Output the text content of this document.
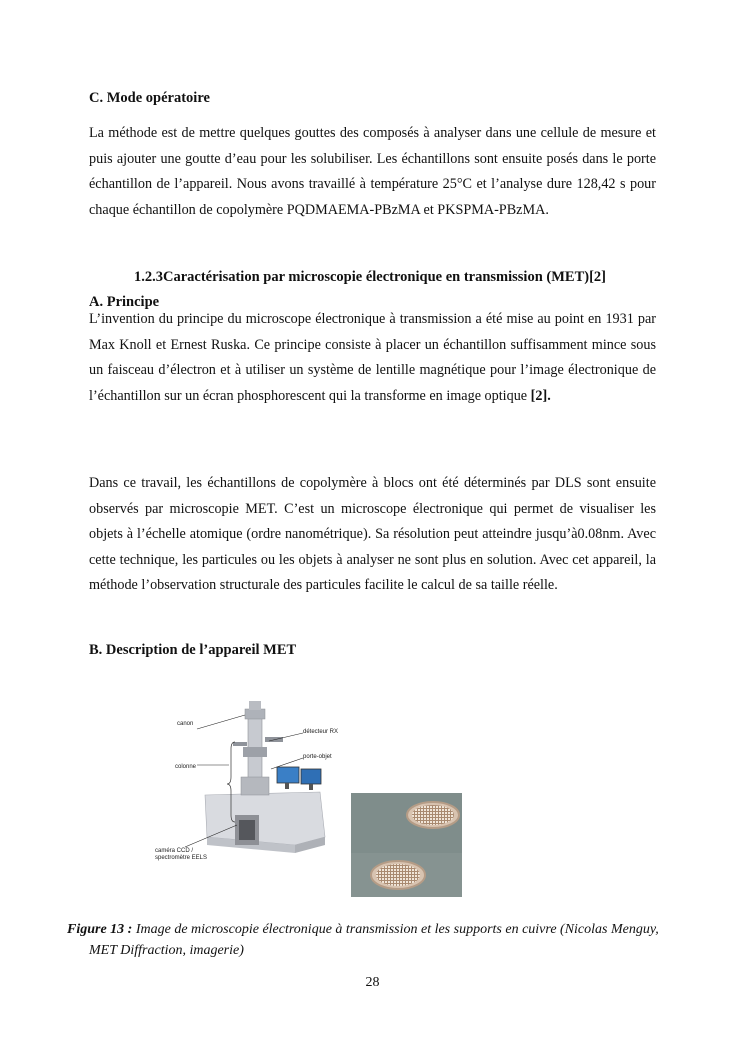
C. Mode opératoire

La méthode est de mettre quelques gouttes des composés à analyser dans une cellule de mesure et puis ajouter une goutte d’eau pour les solubiliser. Les échantillons sont ensuite posés dans le porte échantillon de l’appareil. Nous avons travaillé à température 25°C et l’analyse dure 128,42 s pour chaque échantillon de copolymère PQDMAEMA-PBzMA et PKSPMA-PBzMA.

1.2.3Caractérisation par microscopie électronique en transmission (MET)[2]
A. Principe

L’invention du principe du microscope électronique à transmission a été mise au point en 1931 par Max Knoll et Ernest Ruska. Ce principe consiste à placer un échantillon suffisamment mince sous un faisceau d’électron et à utiliser un système de lentille magnétique pour l’image électronique de l’échantillon sur un écran phosphorescent qui la transforme en image optique [2].

Dans ce travail, les échantillons de copolymère à blocs ont été déterminés par DLS sont ensuite observés par microscopie MET. C’est un microscope électronique qui permet de visualiser les objets à l’échelle atomique (ordre nanométrique). Sa résolution peut atteindre jusqu’à0.08nm. Avec cette technique, les particules ou les objets à analyser ne sont plus en solution. Avec cet appareil, la méthode l’observation structurale des particules facilite le calcul de sa taille réelle.

B. Description de l’appareil MET
canon
détecteur RX
porte-objet
colonne
caméra CCD /
spectromètre EELS

Figure 13 : Image de microscopie électronique à transmission et les supports en cuivre (Nicolas Menguy, MET Diffraction, imagerie)

28
